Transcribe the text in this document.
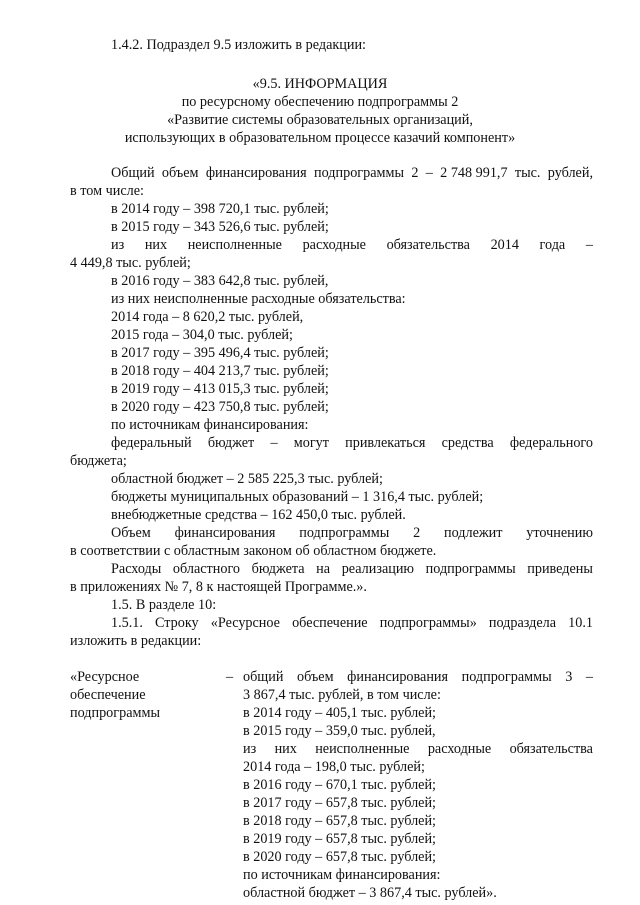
1.4.2. Подраздел 9.5 изложить в редакции:
«9.5. ИНФОРМАЦИЯ
по ресурсному обеспечению подпрограммы 2
«Развитие системы образовательных организаций,
использующих в образовательном процессе казачий компонент»
Общий объем финансирования подпрограммы 2 – 2 748 991,7 тыс. рублей,
в том числе:
в 2014 году – 398 720,1 тыс. рублей;
в 2015 году – 343 526,6 тыс. рублей;
из них неисполненные расходные обязательства 2014 года –
4 449,8 тыс. рублей;
в 2016 году – 383 642,8 тыс. рублей,
из них неисполненные расходные обязательства:
2014 года – 8 620,2 тыс. рублей,
2015 года – 304,0 тыс. рублей;
в 2017 году – 395 496,4 тыс. рублей;
в 2018 году – 404 213,7 тыс. рублей;
в 2019 году – 413 015,3 тыс. рублей;
в 2020 году – 423 750,8 тыс. рублей;
по источникам финансирования:
федеральный бюджет – могут привлекаться средства федерального
бюджета;
областной бюджет – 2 585 225,3 тыс. рублей;
бюджеты муниципальных образований – 1 316,4 тыс. рублей;
внебюджетные средства – 162 450,0 тыс. рублей.
Объем финансирования подпрограммы 2 подлежит уточнению
в соответствии с областным законом об областном бюджете.
Расходы областного бюджета на реализацию подпрограммы приведены
в приложениях № 7, 8 к настоящей Программе.».
1.5. В разделе 10:
1.5.1. Строку «Ресурсное обеспечение подпрограммы» подраздела 10.1
изложить в редакции:
«Ресурсное
обеспечение
подпрограммы
– общий объем финансирования подпрограммы 3 –
3 867,4 тыс. рублей, в том числе:
в 2014 году – 405,1 тыс. рублей;
в 2015 году – 359,0 тыс. рублей,
из них неисполненные расходные обязательства
2014 года – 198,0 тыс. рублей;
в 2016 году – 670,1 тыс. рублей;
в 2017 году – 657,8 тыс. рублей;
в 2018 году – 657,8 тыс. рублей;
в 2019 году – 657,8 тыс. рублей;
в 2020 году – 657,8 тыс. рублей;
по источникам финансирования:
областной бюджет – 3 867,4 тыс. рублей».
